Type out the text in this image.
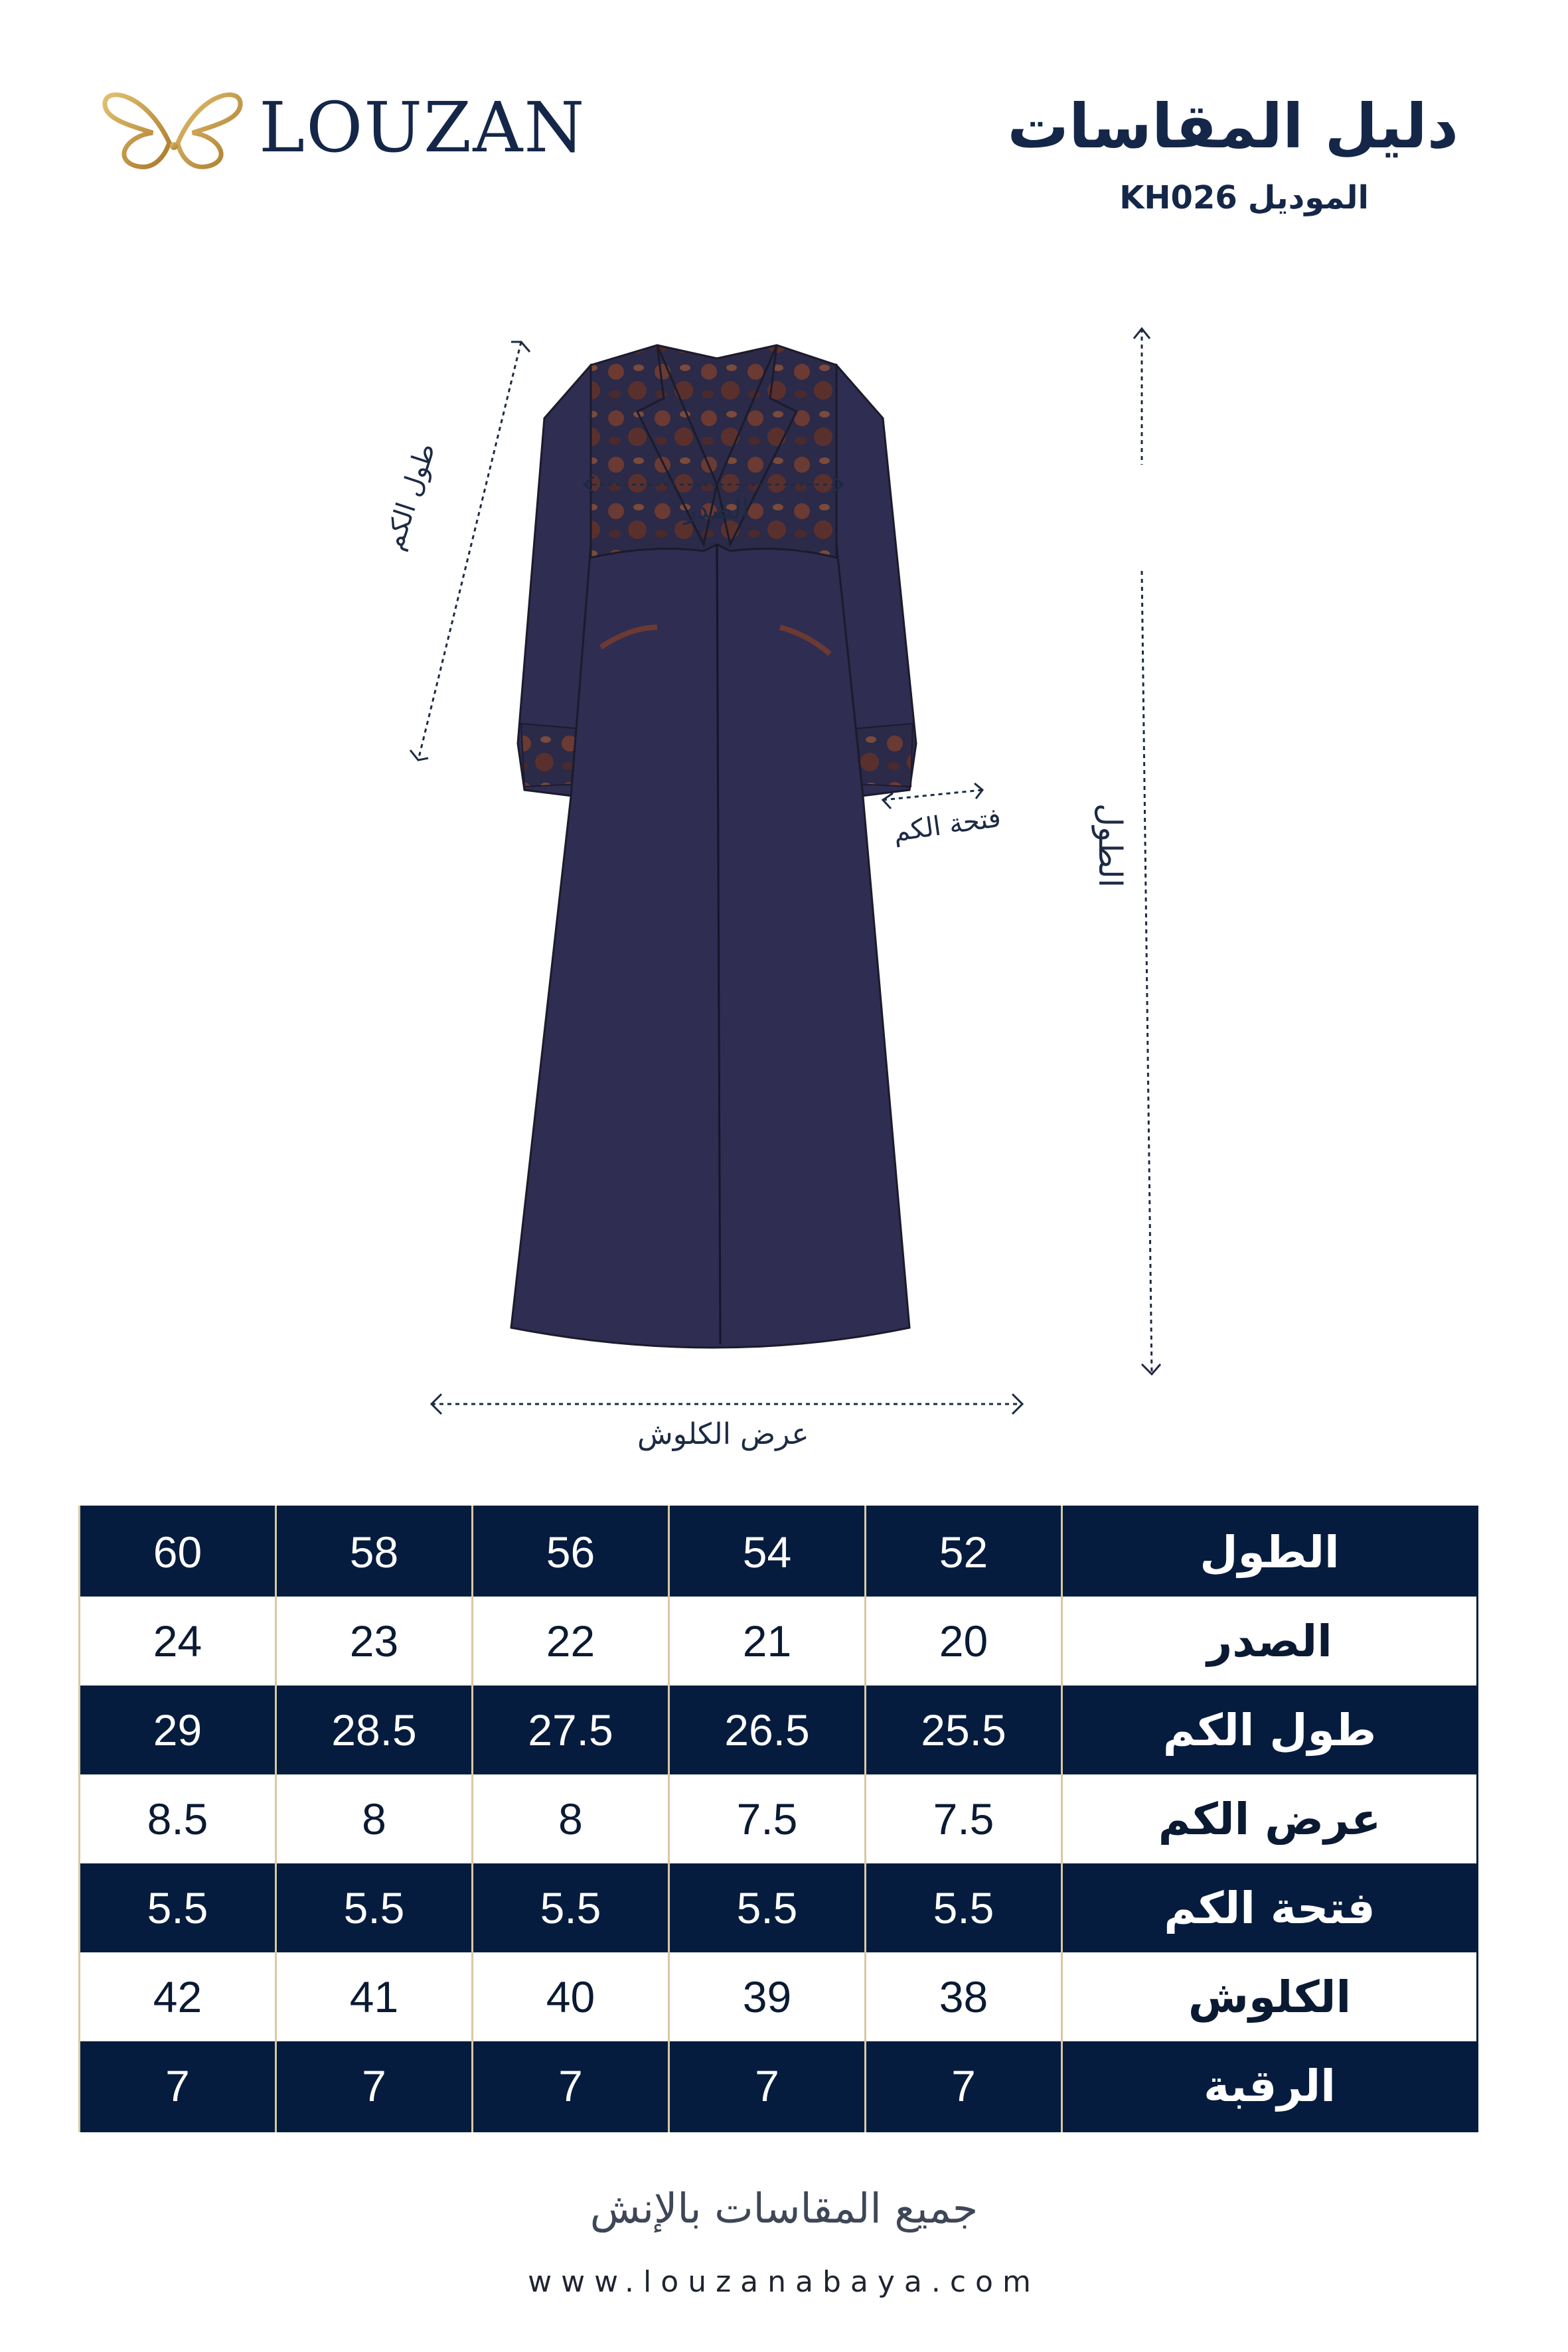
LOUZAN	دليل المقاسات
الموديلKH026
الصدر
طول الكم
فتحة الكم	الطول
عرض الكلوش
60	58	56	54	52	الطول
24	23	22	21	20	الصدر
29	28.5	27.5	26.5	25.5	طول الكم
8.5	8	8	7.5	7.5	عرض الكم
5.5	5.5	5.5	5.5	5.5	فتحة الكم
42	41	40	39	38	الكلوش
7	7	7	7	7	الرقبة
جميع المقاسات بالإنش
www.louzanabaya.com
